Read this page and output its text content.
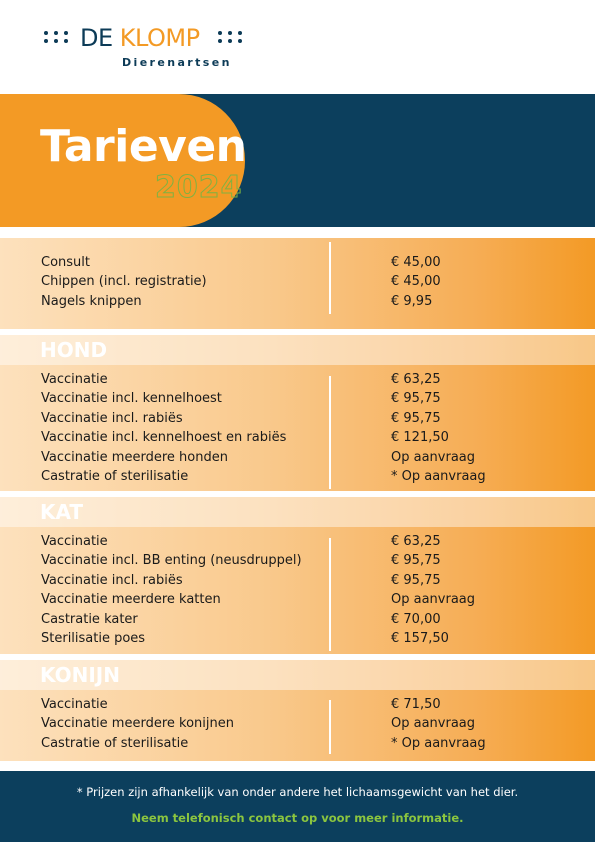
DE KLOMP
Dierenartsen
Tarieven
2024
Consult	€ 45,00
Chippen (incl. registratie)	€ 45,00
Nagels knippen	€ 9,95
HOND
Vaccinatie	€ 63,25
Vaccinatie incl. kennelhoest	€ 95,75
Vaccinatie incl. rabiës	€ 95,75
Vaccinatie incl. kennelhoest en rabiës	€ 121,50
Vaccinatie meerdere honden	Op aanvraag
Castratie of sterilisatie	* Op aanvraag
KAT
Vaccinatie	€ 63,25
Vaccinatie incl. BB enting (neusdruppel)	€ 95,75
Vaccinatie incl. rabiës	€ 95,75
Vaccinatie meerdere katten	Op aanvraag
Castratie kater	€ 70,00
Sterilisatie poes	€ 157,50
KONIJN
Vaccinatie	€ 71,50
Vaccinatie meerdere konijnen	Op aanvraag
Castratie of sterilisatie	* Op aanvraag
* Prijzen zijn afhankelijk van onder andere het lichaamsgewicht van het dier.
Neem telefonisch contact op voor meer informatie.
